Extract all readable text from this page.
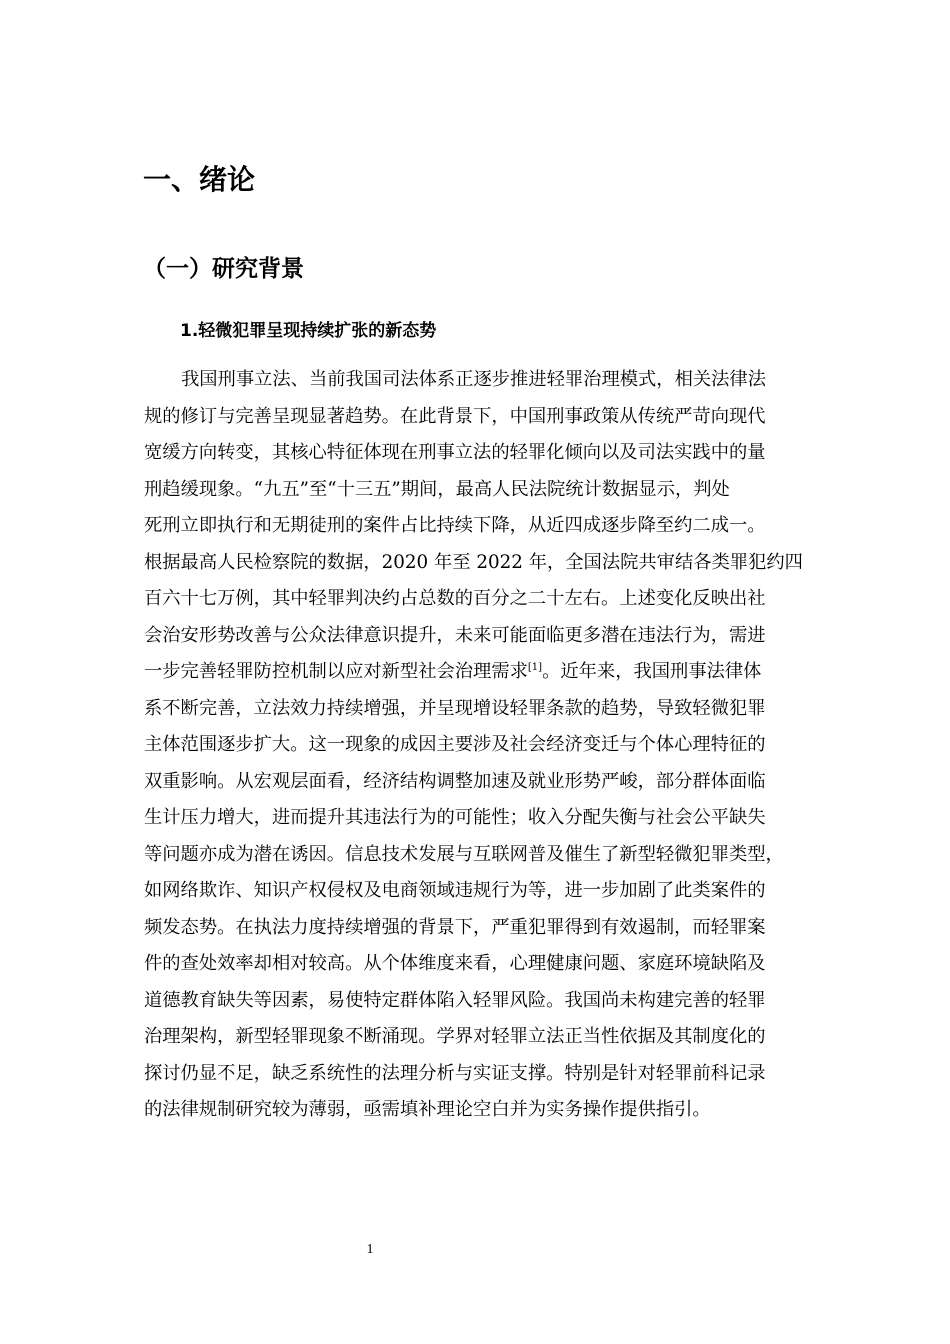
一、绪论
（一）研究背景
1.轻微犯罪呈现持续扩张的新态势
我国刑事立法、当前我国司法体系正逐步推进轻罪治理模式，相关法律法
规的修订与完善呈现显著趋势。在此背景下，中国刑事政策从传统严苛向现代
宽缓方向转变，其核心特征体现在刑事立法的轻罪化倾向以及司法实践中的量
刑趋缓现象。“九五”至“十三五”期间，最高人民法院统计数据显示，判处
死刑立即执行和无期徒刑的案件占比持续下降，从近四成逐步降至约二成一。
根据最高人民检察院的数据，2020 年至 2022 年，全国法院共审结各类罪犯约四
百六十七万例，其中轻罪判决约占总数的百分之二十左右。上述变化反映出社
会治安形势改善与公众法律意识提升，未来可能面临更多潜在违法行为，需进
一步完善轻罪防控机制以应对新型社会治理需求[1]。近年来，我国刑事法律体
系不断完善，立法效力持续增强，并呈现增设轻罪条款的趋势，导致轻微犯罪
主体范围逐步扩大。这一现象的成因主要涉及社会经济变迁与个体心理特征的
双重影响。从宏观层面看，经济结构调整加速及就业形势严峻，部分群体面临
生计压力增大，进而提升其违法行为的可能性；收入分配失衡与社会公平缺失
等问题亦成为潜在诱因。信息技术发展与互联网普及催生了新型轻微犯罪类型，
如网络欺诈、知识产权侵权及电商领域违规行为等，进一步加剧了此类案件的
频发态势。在执法力度持续增强的背景下，严重犯罪得到有效遏制，而轻罪案
件的查处效率却相对较高。从个体维度来看，心理健康问题、家庭环境缺陷及
道德教育缺失等因素，易使特定群体陷入轻罪风险。我国尚未构建完善的轻罪
治理架构，新型轻罪现象不断涌现。学界对轻罪立法正当性依据及其制度化的
探讨仍显不足，缺乏系统性的法理分析与实证支撑。特别是针对轻罪前科记录
的法律规制研究较为薄弱，亟需填补理论空白并为实务操作提供指引。
1
